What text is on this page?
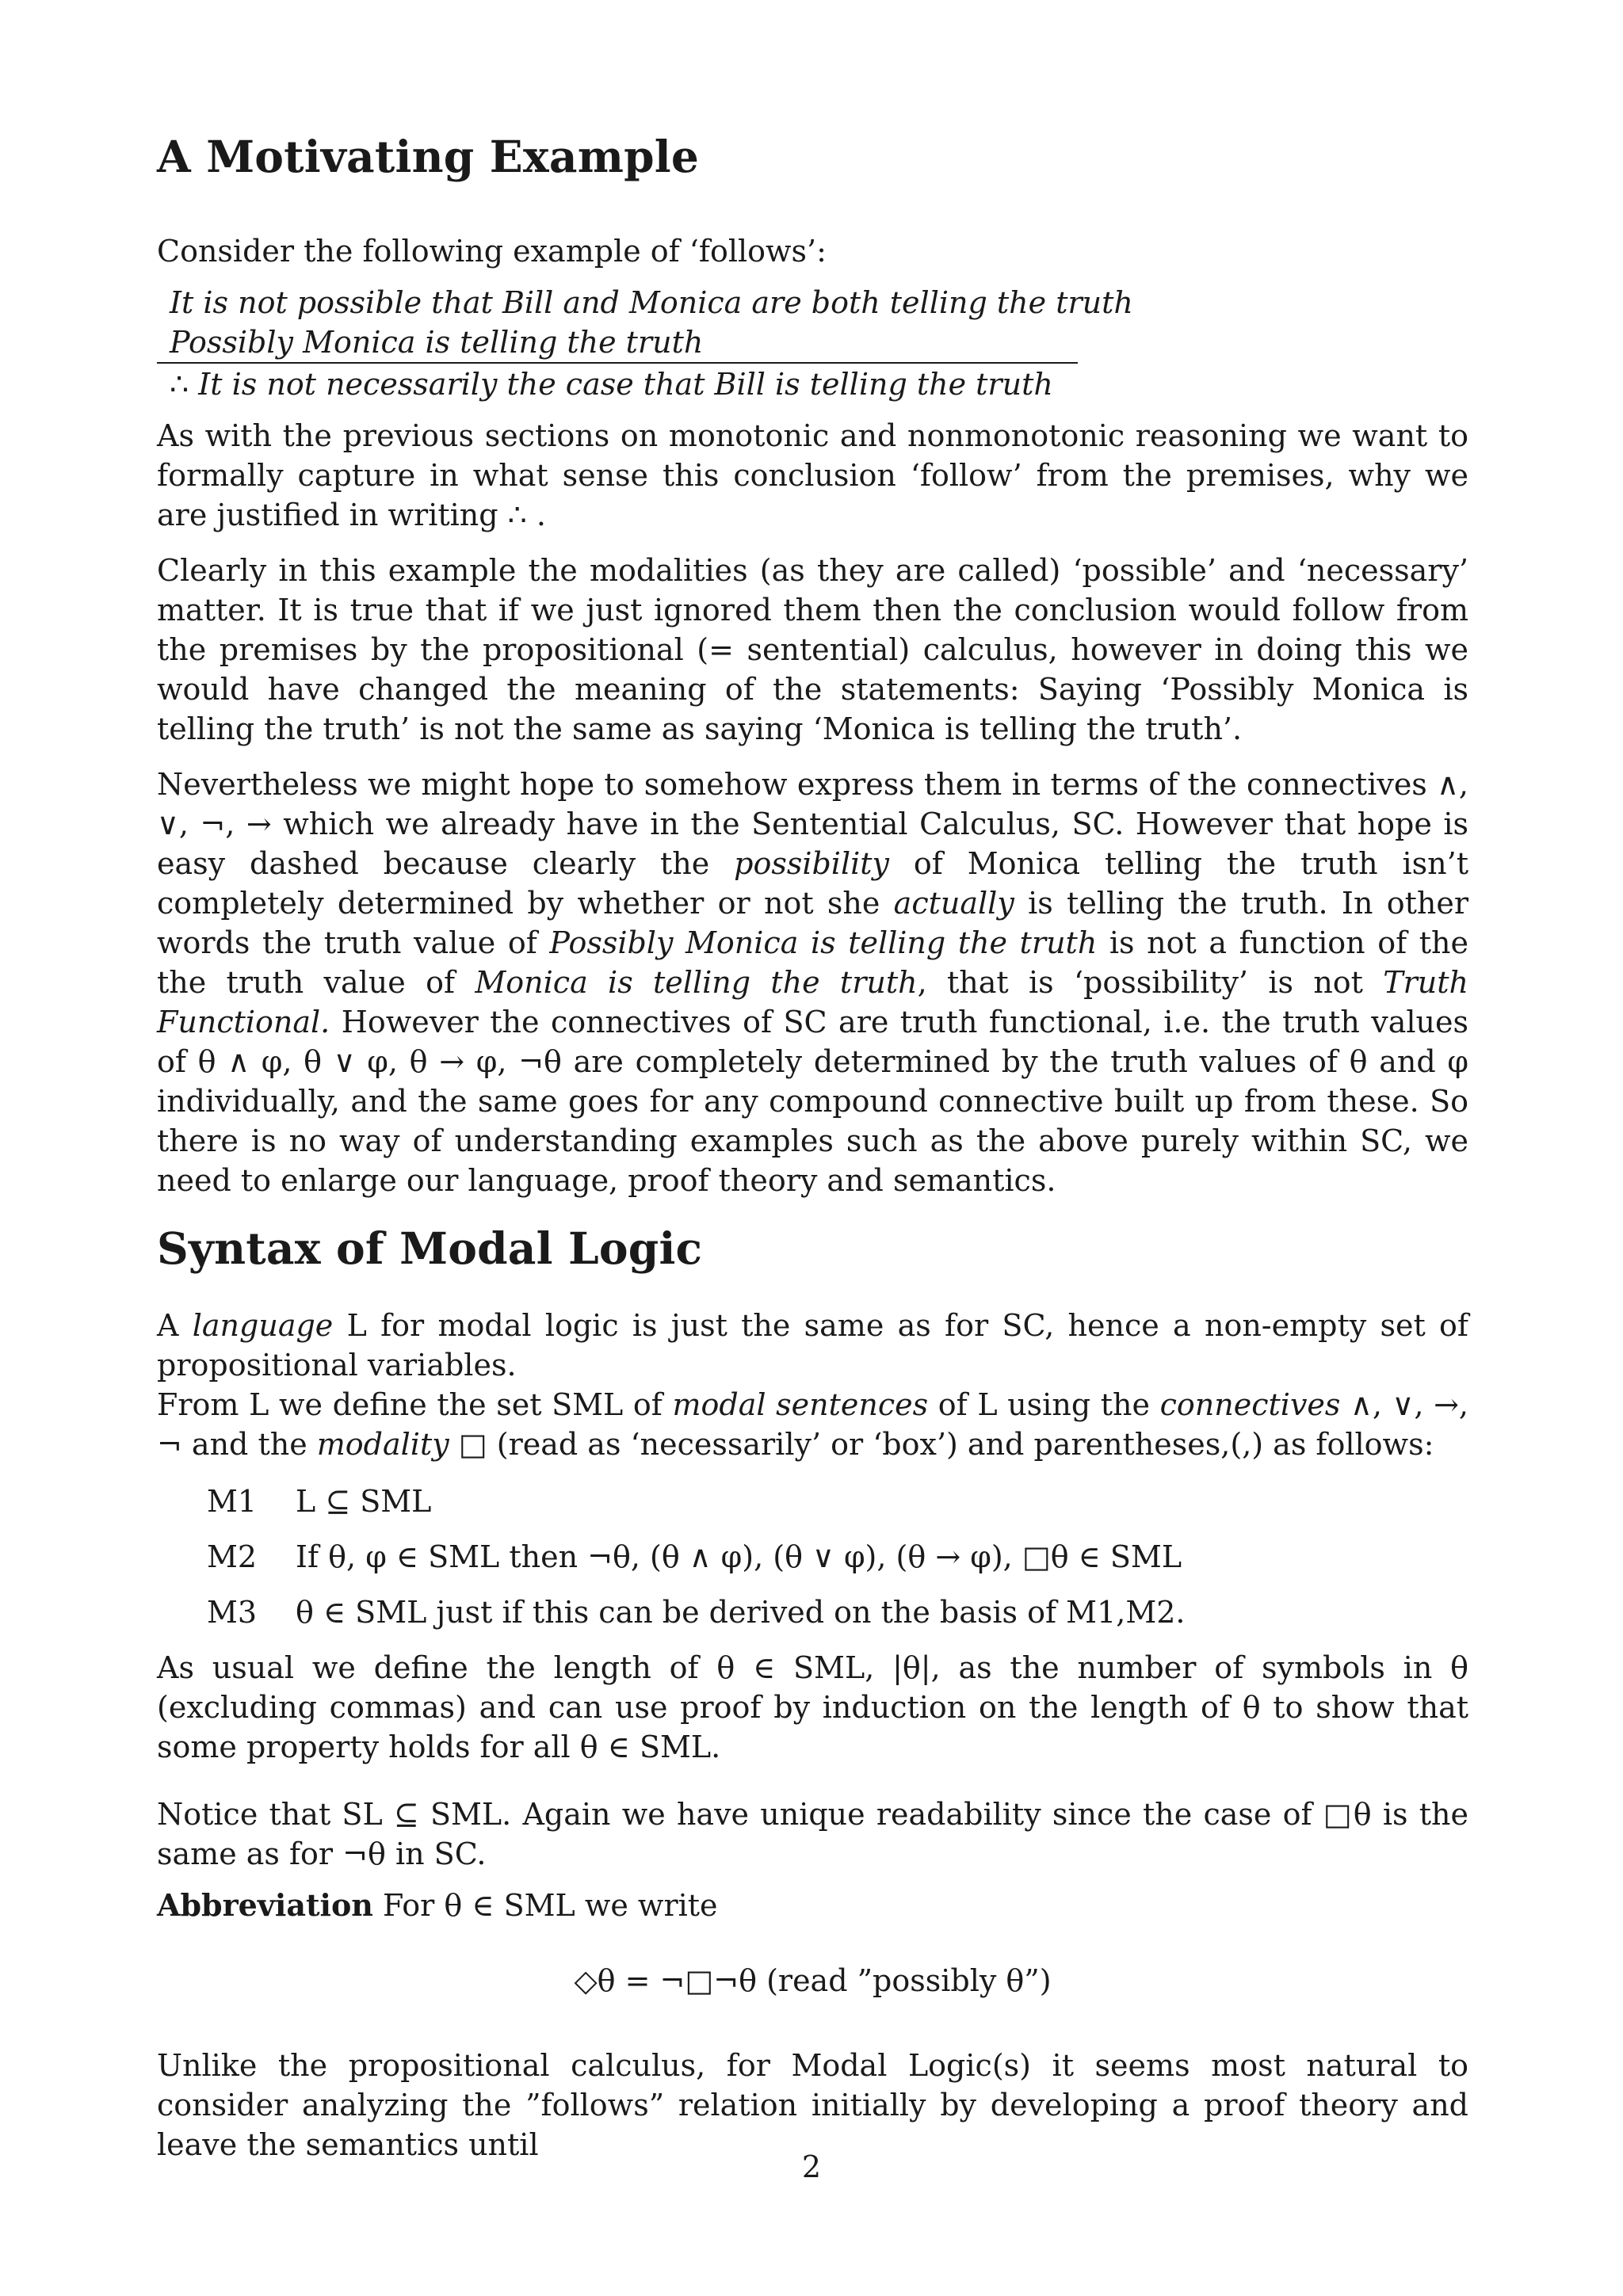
A Motivating Example

Consider the following example of ‘follows’:

It is not possible that Bill and Monica are both telling the truth
Possibly Monica is telling the truth
∴ It is not necessarily the case that Bill is telling the truth

As with the previous sections on monotonic and nonmonotonic reasoning we want to formally capture in what sense this conclusion ‘follow’ from the premises, why we are justified in writing ∴ .

Clearly in this example the modalities (as they are called) ‘possible’ and ‘necessary’ matter. It is true that if we just ignored them then the conclusion would follow from the premises by the propositional (= sentential) calculus, however in doing this we would have changed the meaning of the statements: Saying ‘Possibly Monica is telling the truth’ is not the same as saying ‘Monica is telling the truth’.

Nevertheless we might hope to somehow express them in terms of the connectives ∧, ∨, ¬, → which we already have in the Sentential Calculus, SC. However that hope is easy dashed because clearly the possibility of Monica telling the truth isn’t completely determined by whether or not she actually is telling the truth. In other words the truth value of Possibly Monica is telling the truth is not a function of the the truth value of Monica is telling the truth, that is ‘possibility’ is not Truth Functional. However the connectives of SC are truth functional, i.e. the truth values of θ ∧ φ, θ ∨ φ, θ → φ, ¬θ are completely determined by the truth values of θ and φ individually, and the same goes for any compound connective built up from these. So there is no way of understanding examples such as the above purely within SC, we need to enlarge our language, proof theory and semantics.

Syntax of Modal Logic

A language L for modal logic is just the same as for SC, hence a non-empty set of propositional variables.

From L we define the set SML of modal sentences of L using the connectives ∧, ∨, →, ¬ and the modality □ (read as ‘necessarily’ or ‘box’) and parentheses,(,) as follows:

M1 L ⊆ SML
M2 If θ, φ ∈ SML then ¬θ, (θ ∧ φ), (θ ∨ φ), (θ → φ), □θ ∈ SML
M3 θ ∈ SML just if this can be derived on the basis of M1,M2.

As usual we define the length of θ ∈ SML, |θ|, as the number of symbols in θ (excluding commas) and can use proof by induction on the length of θ to show that some property holds for all θ ∈ SML.

Notice that SL ⊆ SML. Again we have unique readability since the case of □θ is the same as for ¬θ in SC.

Abbreviation For θ ∈ SML we write

◇θ = ¬□¬θ (read ”possibly θ”)

Unlike the propositional calculus, for Modal Logic(s) it seems most natural to consider analyzing the ”follows” relation initially by developing a proof theory and leave the semantics until

2
